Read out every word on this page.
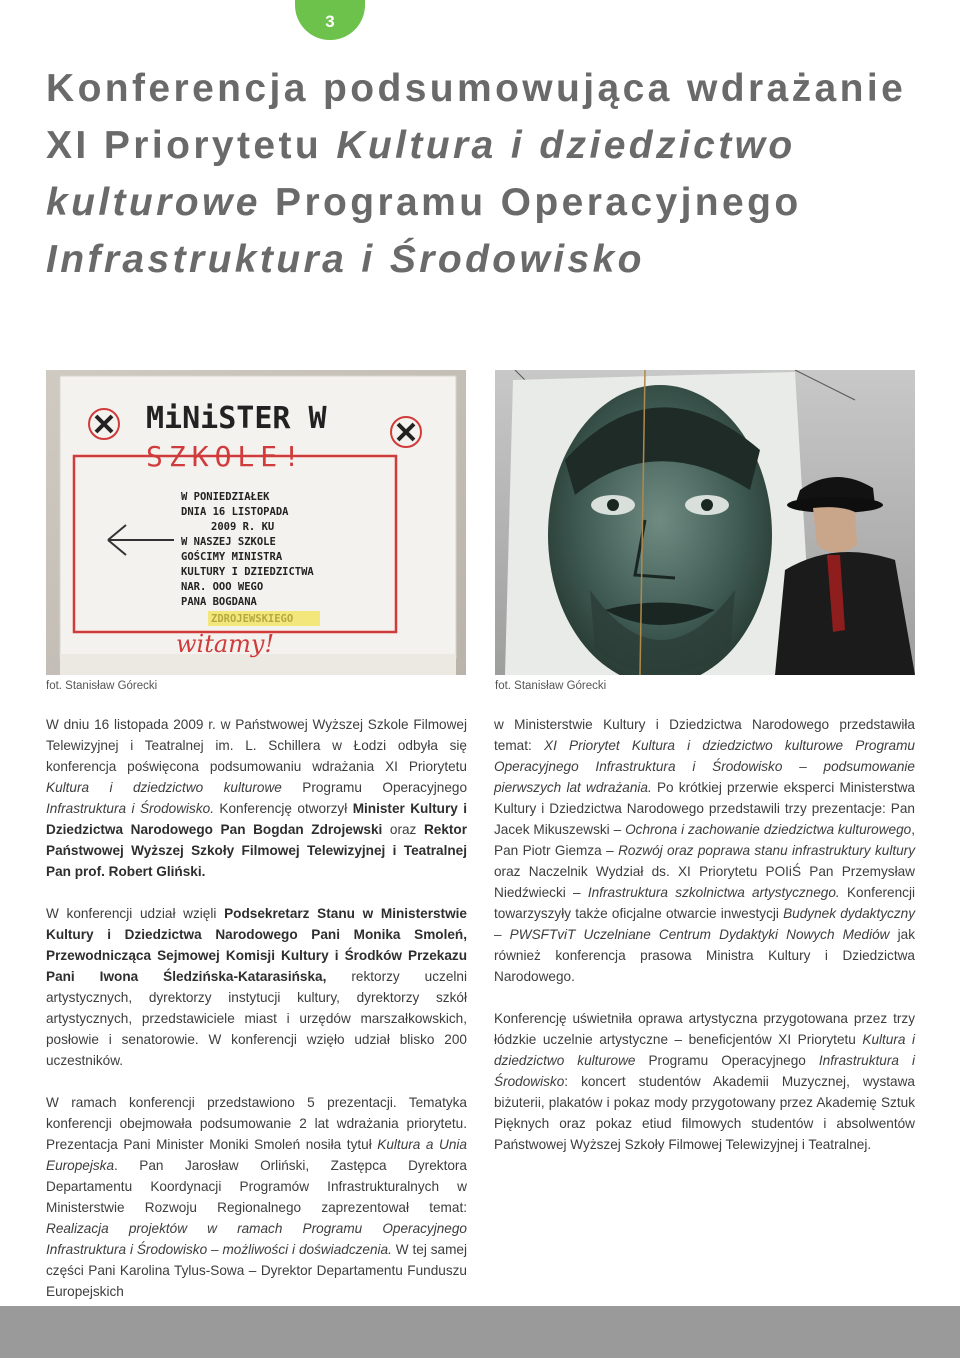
3
Konferencja podsumowująca wdrażanie
XI Priorytetu Kultura i dziedzictwo
kulturowe Programu Operacyjnego
Infrastruktura i Środowisko
MiNiSTER W
SZKOLE!
W PONIEDZIAŁEK
DNIA 16 LISTOPADA
2009 R. KU
W NASZEJ SZKOLE
GOŚCIMY MINISTRA
KULTURY I DZIEDZICTWA
NAR. OOO WEGO
PANA BOGDANA
witamy!
fot. Stanisław Górecki	fot. Stanisław Górecki

W dniu 16 listopada 2009 r. w Państwowej Wyższej Szkole Filmowej Telewizyjnej i Teatralnej im. L. Schillera w Łodzi odbyła się konferencja poświęcona podsumowaniu wdrażania XI Priorytetu Kultura i dziedzictwo kulturowe Programu Operacyjnego Infrastruktura i Środowisko. Konferencję otworzył Minister Kultury i Dziedzictwa Narodowego Pan Bogdan Zdrojewski oraz Rektor Państwowej Wyższej Szkoły Filmowej Telewizyjnej i Teatralnej Pan prof. Robert Gliński.

W konferencji udział wzięli Podsekretarz Stanu w Ministerstwie Kultury i Dziedzictwa Narodowego Pani Monika Smoleń, Przewodnicząca Sejmowej Komisji Kultury i Środków Przekazu Pani Iwona Śledzińska-Katarasińska, rektorzy uczelni artystycznych, dyrektorzy instytucji kultury, dyrektorzy szkół artystycznych, przedstawiciele miast i urzędów marszałkowskich, posłowie i senatorowie. W konferencji wzięło udział blisko 200 uczestników.

W ramach konferencji przedstawiono 5 prezentacji. Tematyka konferencji obejmowała podsumowanie 2 lat wdrażania priorytetu. Prezentacja Pani Minister Moniki Smoleń nosiła tytuł Kultura a Unia Europejska. Pan Jarosław Orliński, Zastępca Dyrektora Departamentu Koordynacji Programów Infrastrukturalnych w Ministerstwie Rozwoju Regionalnego zaprezentował temat: Realizacja projektów w ramach Programu Operacyjnego Infrastruktura i Środowisko – możliwości i doświadczenia. W tej samej części Pani Karolina Tylus-Sowa – Dyrektor Departamentu Funduszu Europejskich

w Ministerstwie Kultury i Dziedzictwa Narodowego przedstawiła temat: XI Priorytet Kultura i dziedzictwo kulturowe Programu Operacyjnego Infrastruktura i Środowisko – podsumowanie pierwszych lat wdrażania. Po krótkiej przerwie eksperci Ministerstwa Kultury i Dziedzictwa Narodowego przedstawili trzy prezentacje: Pan Jacek Mikuszewski – Ochrona i zachowanie dziedzictwa kulturowego, Pan Piotr Giemza – Rozwój oraz poprawa stanu infrastruktury kultury oraz Naczelnik Wydział ds. XI Priorytetu POIiŚ Pan Przemysław Niedźwiecki – Infrastruktura szkolnictwa artystycznego. Konferencji towarzyszyły także oficjalne otwarcie inwestycji Budynek dydaktyczny – PWSFTviT Uczelniane Centrum Dydaktyki Nowych Mediów jak również konferencja prasowa Ministra Kultury i Dziedzictwa Narodowego.

Konferencję uświetniła oprawa artystyczna przygotowana przez trzy łódzkie uczelnie artystyczne – beneficjentów XI Priorytetu Kultura i dziedzictwo kulturowe Programu Operacyjnego Infrastruktura i Środowisko: koncert studentów Akademii Muzycznej, wystawa biżuterii, plakatów i pokaz mody przygotowany przez Akademię Sztuk Pięknych oraz pokaz etiud filmowych studentów i absolwentów Państwowej Wyższej Szkoły Filmowej Telewizyjnej i Teatralnej.
